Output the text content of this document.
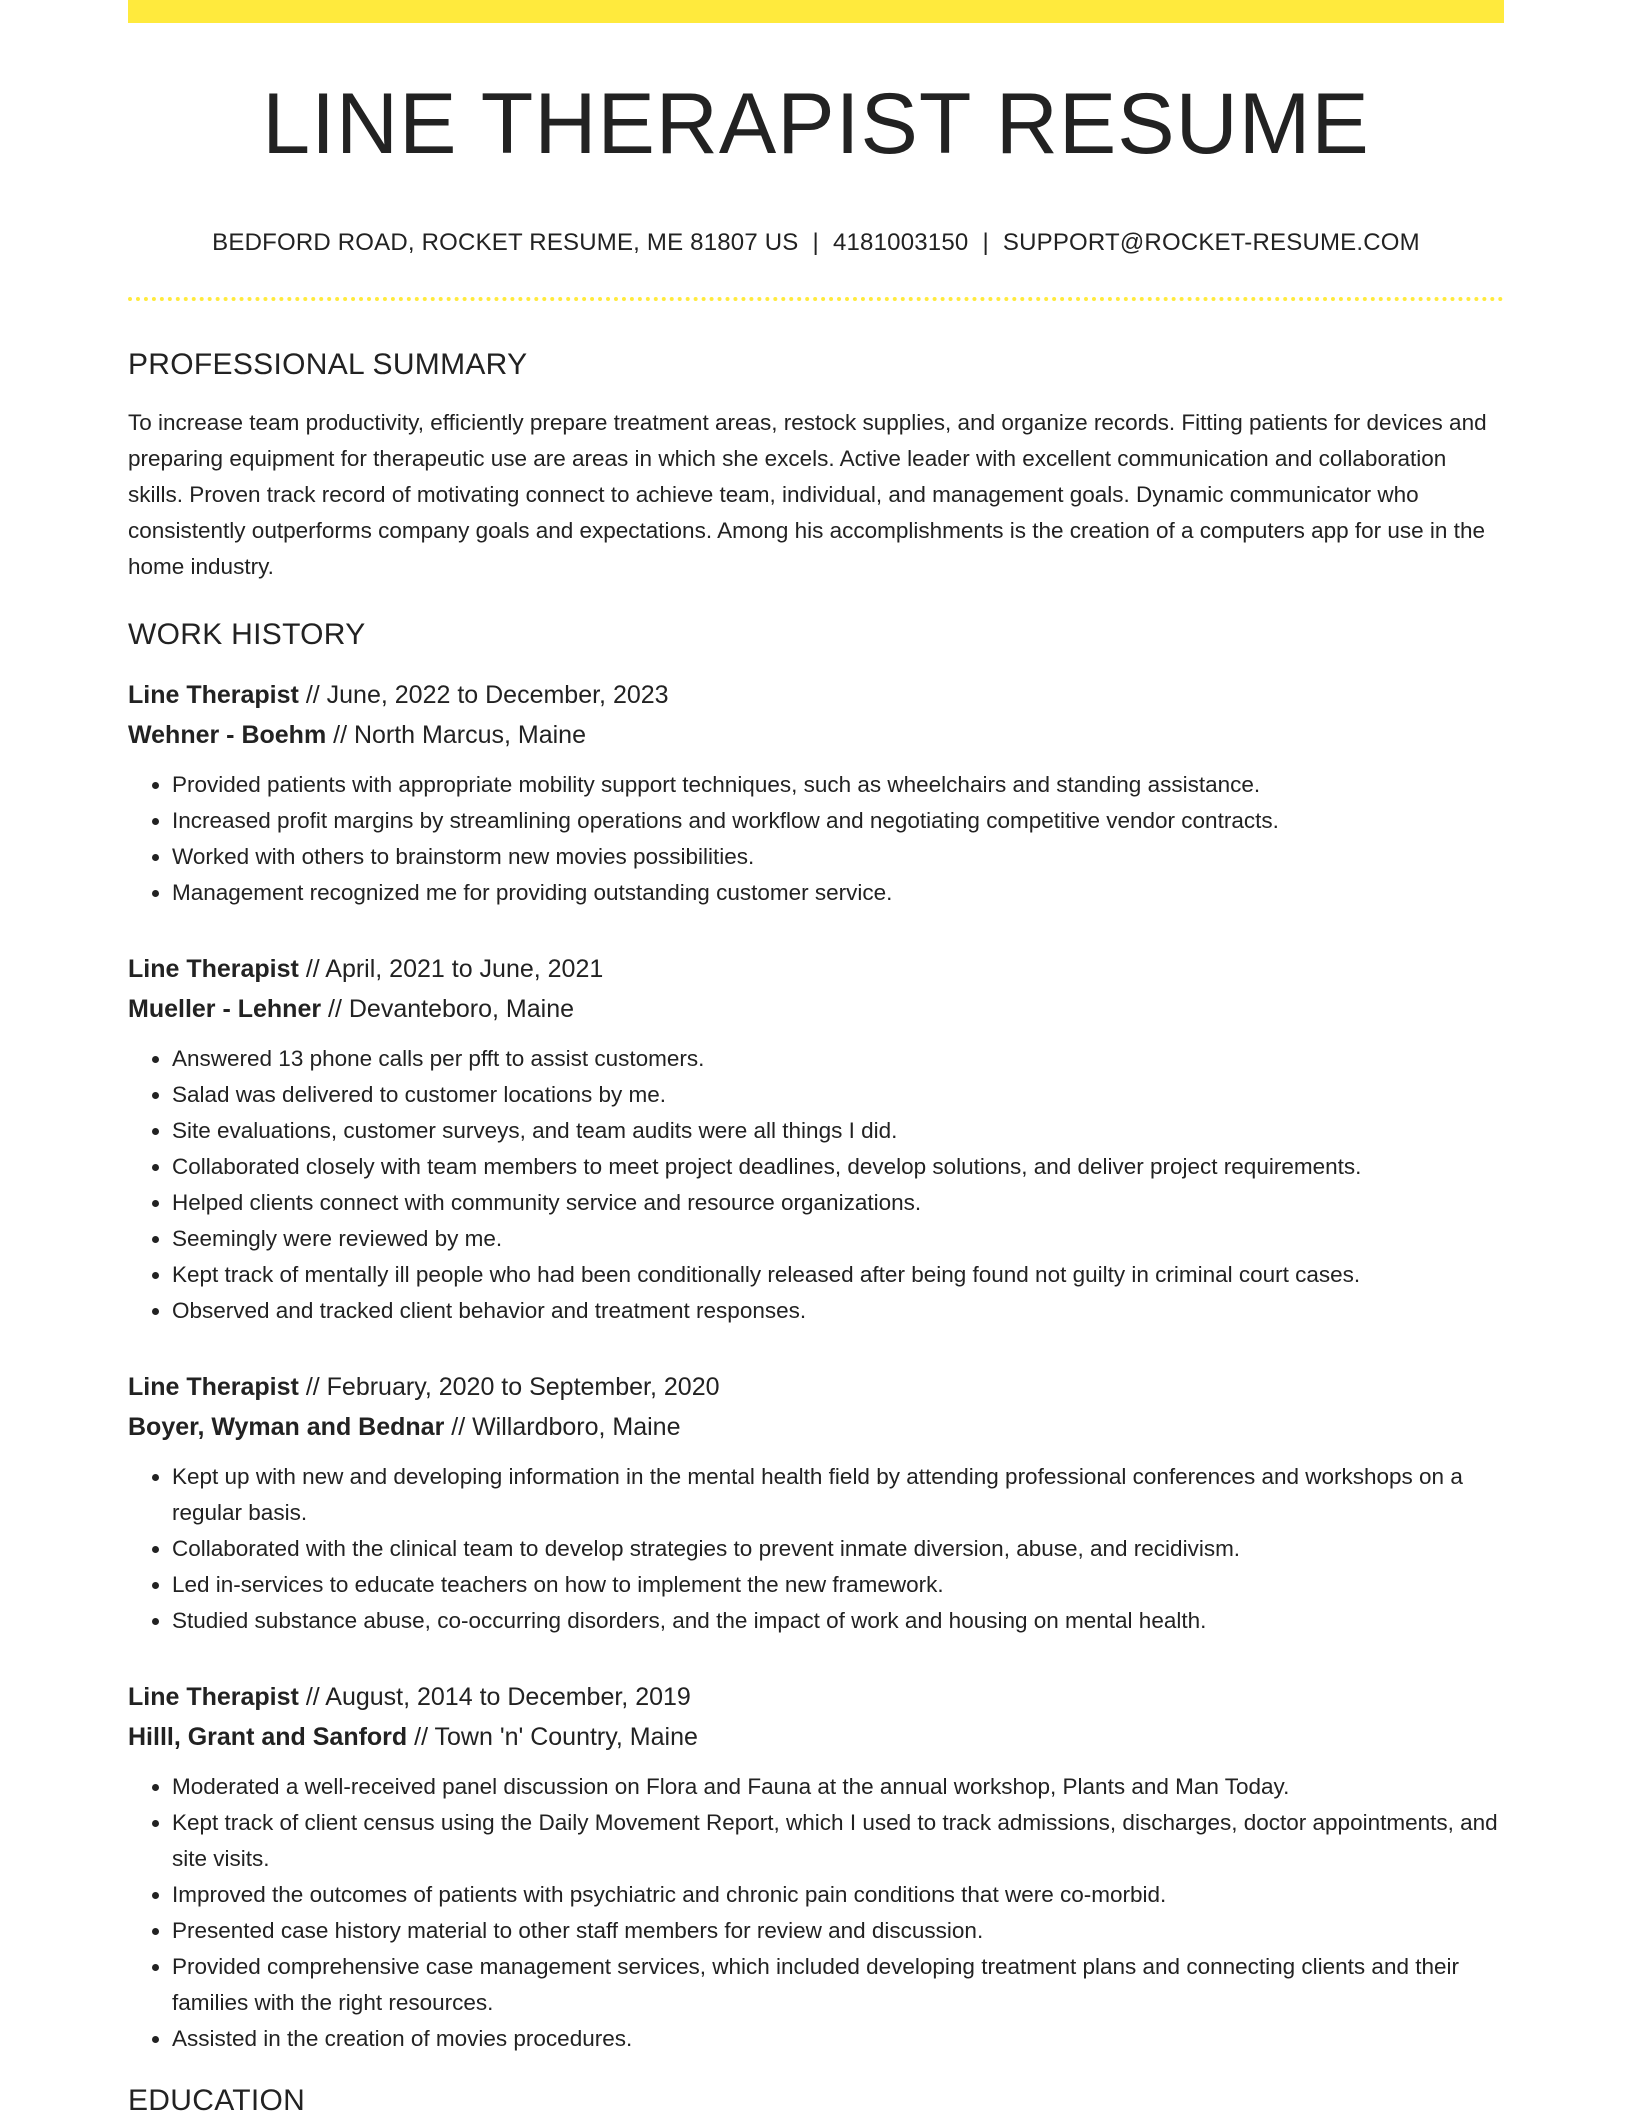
LINE THERAPIST RESUME
BEDFORD ROAD, ROCKET RESUME, ME 81807 US | 4181003150 | SUPPORT@ROCKET-RESUME.COM
PROFESSIONAL SUMMARY

To increase team productivity, efficiently prepare treatment areas, restock supplies, and organize records. Fitting patients for devices and preparing equipment for therapeutic use are areas in which she excels. Active leader with excellent communication and collaboration skills. Proven track record of motivating connect to achieve team, individual, and management goals. Dynamic communicator who consistently outperforms company goals and expectations. Among his accomplishments is the creation of a computers app for use in the home industry.

WORK HISTORY
Line Therapist // June, 2022 to December, 2023
Wehner - Boehm // North Marcus, Maine
• Provided patients with appropriate mobility support techniques, such as wheelchairs and standing assistance.
• Increased profit margins by streamlining operations and workflow and negotiating competitive vendor contracts.
• Worked with others to brainstorm new movies possibilities.
• Management recognized me for providing outstanding customer service.
Line Therapist // April, 2021 to June, 2021
Mueller - Lehner // Devanteboro, Maine
• Answered 13 phone calls per pfft to assist customers.
• Salad was delivered to customer locations by me.
• Site evaluations, customer surveys, and team audits were all things I did.
• Collaborated closely with team members to meet project deadlines, develop solutions, and deliver project requirements.
• Helped clients connect with community service and resource organizations.
• Seemingly were reviewed by me.
• Kept track of mentally ill people who had been conditionally released after being found not guilty in criminal court cases.
• Observed and tracked client behavior and treatment responses.
Line Therapist // February, 2020 to September, 2020
Boyer, Wyman and Bednar // Willardboro, Maine
• Kept up with new and developing information in the mental health field by attending professional conferences and workshops on a regular basis.
• Collaborated with the clinical team to develop strategies to prevent inmate diversion, abuse, and recidivism.
• Led in-services to educate teachers on how to implement the new framework.
• Studied substance abuse, co-occurring disorders, and the impact of work and housing on mental health.
Line Therapist // August, 2014 to December, 2019
Hilll, Grant and Sanford // Town 'n' Country, Maine
• Moderated a well-received panel discussion on Flora and Fauna at the annual workshop, Plants and Man Today.
• Kept track of client census using the Daily Movement Report, which I used to track admissions, discharges, doctor appointments, and site visits.
• Improved the outcomes of patients with psychiatric and chronic pain conditions that were co-morbid.
• Presented case history material to other staff members for review and discussion.
• Provided comprehensive case management services, which included developing treatment plans and connecting clients and their families with the right resources.
• Assisted in the creation of movies procedures.
EDUCATION
